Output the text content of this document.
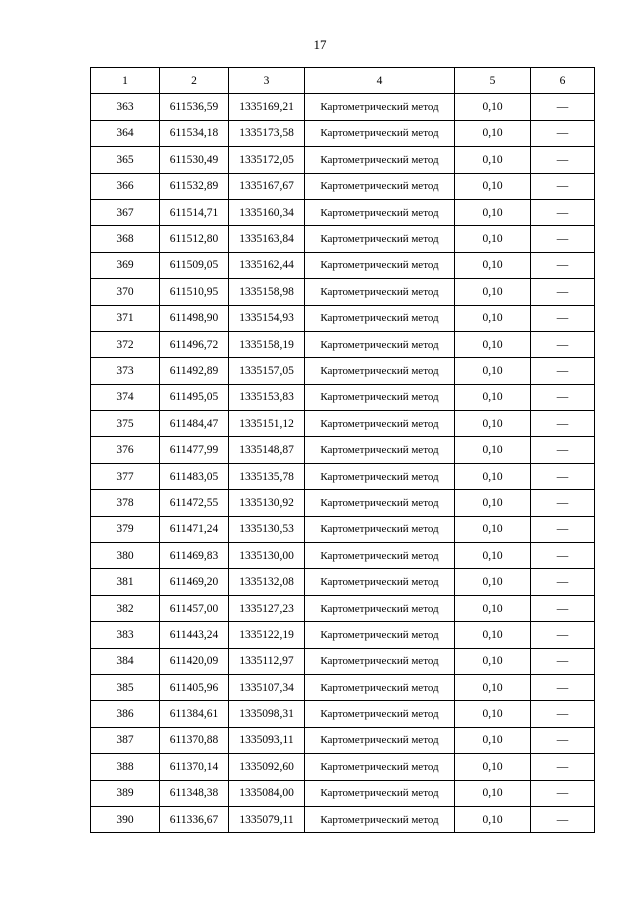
17
1	2	3	4	5	6
363	611536,59	1335169,21	Картометрический метод	0,10	—
364	611534,18	1335173,58	Картометрический метод	0,10	—
365	611530,49	1335172,05	Картометрический метод	0,10	—
366	611532,89	1335167,67	Картометрический метод	0,10	—
367	611514,71	1335160,34	Картометрический метод	0,10	—
368	611512,80	1335163,84	Картометрический метод	0,10	—
369	611509,05	1335162,44	Картометрический метод	0,10	—
370	611510,95	1335158,98	Картометрический метод	0,10	—
371	611498,90	1335154,93	Картометрический метод	0,10	—
372	611496,72	1335158,19	Картометрический метод	0,10	—
373	611492,89	1335157,05	Картометрический метод	0,10	—
374	611495,05	1335153,83	Картометрический метод	0,10	—
375	611484,47	1335151,12	Картометрический метод	0,10	—
376	611477,99	1335148,87	Картометрический метод	0,10	—
377	611483,05	1335135,78	Картометрический метод	0,10	—
378	611472,55	1335130,92	Картометрический метод	0,10	—
379	611471,24	1335130,53	Картометрический метод	0,10	—
380	611469,83	1335130,00	Картометрический метод	0,10	—
381	611469,20	1335132,08	Картометрический метод	0,10	—
382	611457,00	1335127,23	Картометрический метод	0,10	—
383	611443,24	1335122,19	Картометрический метод	0,10	—
384	611420,09	1335112,97	Картометрический метод	0,10	—
385	611405,96	1335107,34	Картометрический метод	0,10	—
386	611384,61	1335098,31	Картометрический метод	0,10	—
387	611370,88	1335093,11	Картометрический метод	0,10	—
388	611370,14	1335092,60	Картометрический метод	0,10	—
389	611348,38	1335084,00	Картометрический метод	0,10	—
390	611336,67	1335079,11	Картометрический метод	0,10	—
